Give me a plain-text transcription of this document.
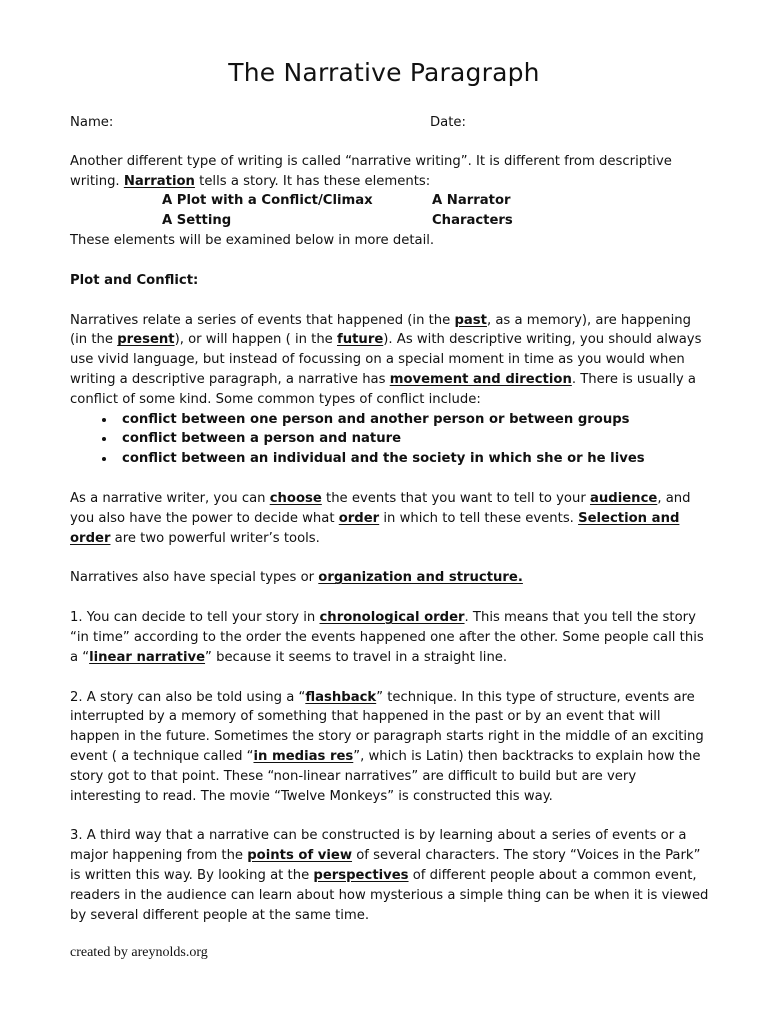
The Narrative Paragraph
Name:	Date:

Another different type of writing is called “narrative writing”. It is different from descriptive writing. Narration tells a story. It has these elements:

A Plot with a Conflict/Climax	A Narrator
A Setting	Characters

These elements will be examined below in more detail.

Plot and Conflict:

Narratives relate a series of events that happened (in the past, as a memory), are happening (in the present), or will happen ( in the future). As with descriptive writing, you should always use vivid language, but instead of focussing on a special moment in time as you would when writing a descriptive paragraph, a narrative has movement and direction. There is usually a conflict of some kind. Some common types of conflict include:

• conflict between one person and another person or between groups
• conflict between a person and nature
• conflict between an individual and the society in which she or he lives

As a narrative writer, you can choose the events that you want to tell to your audience, and you also have the power to decide what order in which to tell these events. Selection and order are two powerful writer’s tools.

Narratives also have special types or organization and structure.

1. You can decide to tell your story in chronological order. This means that you tell the story “in time” according to the order the events happened one after the other. Some people call this a “linear narrative” because it seems to travel in a straight line.

2. A story can also be told using a “flashback” technique. In this type of structure, events are interrupted by a memory of something that happened in the past or by an event that will happen in the future. Sometimes the story or paragraph starts right in the middle of an exciting event ( a technique called “in medias res”, which is Latin) then backtracks to explain how the story got to that point. These “non-linear narratives” are difficult to build but are very interesting to read. The movie “Twelve Monkeys” is constructed this way.

3. A third way that a narrative can be constructed is by learning about a series of events or a major happening from the points of view of several characters. The story “Voices in the Park” is written this way. By looking at the perspectives of different people about a common event, readers in the audience can learn about how mysterious a simple thing can be when it is viewed by several different people at the same time.

created by areynolds.org
